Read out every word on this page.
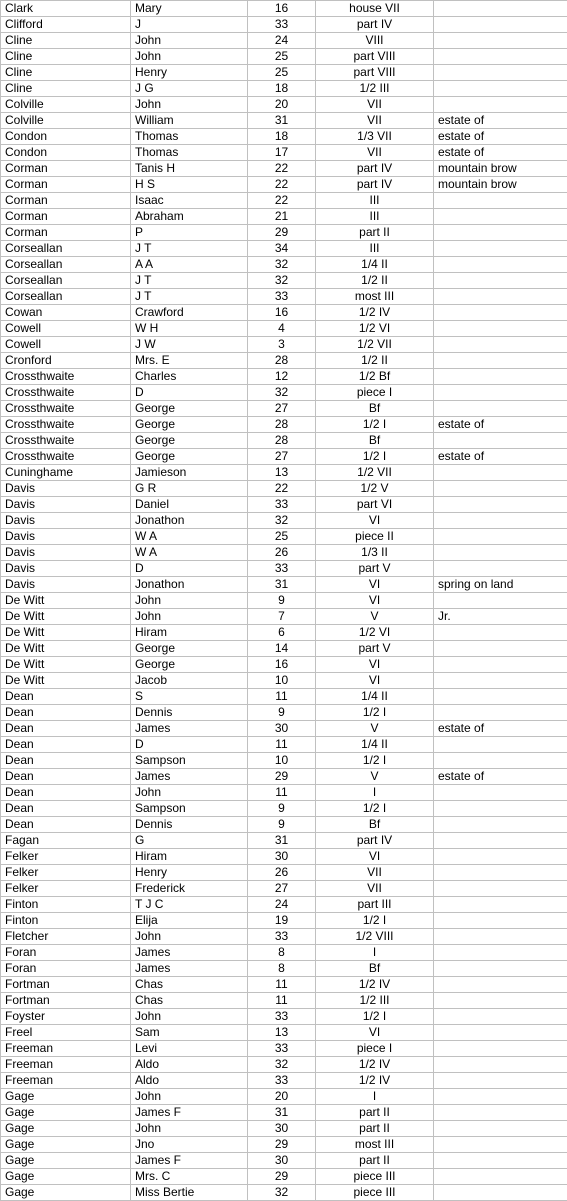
Clark	Mary	16	house VII	
Clifford	J	33	part IV	
Cline	John	24	VIII	
Cline	John	25	part VIII	
Cline	Henry	25	part VIII	
Cline	J G	18	1/2 III	
Colville	John	20	VII	
Colville	William	31	VII	estate of
Condon	Thomas	18	1/3 VII	estate of
Condon	Thomas	17	VII	estate of
Corman	Tanis H	22	part IV	mountain brow
Corman	H S	22	part IV	mountain brow
Corman	Isaac	22	III	
Corman	Abraham	21	III	
Corman	P	29	part II	
Corseallan	J T	34	III	
Corseallan	A A	32	1/4 II	
Corseallan	J T	32	1/2 II	
Corseallan	J T	33	most III	
Cowan	Crawford	16	1/2 IV	
Cowell	W H	4	1/2 VI	
Cowell	J W	3	1/2 VII	
Cronford	Mrs. E	28	1/2 II	
Crossthwaite	Charles	12	1/2 Bf	
Crossthwaite	D	32	piece I	
Crossthwaite	George	27	Bf	
Crossthwaite	George	28	1/2 I	estate of
Crossthwaite	George	28	Bf	
Crossthwaite	George	27	1/2 I	estate of
Cuninghame	Jamieson	13	1/2 VII	
Davis	G R	22	1/2 V	
Davis	Daniel	33	part VI	
Davis	Jonathon	32	VI	
Davis	W A	25	piece II	
Davis	W A	26	1/3 II	
Davis	D	33	part V	
Davis	Jonathon	31	VI	spring on land
De Witt	John	9	VI	
De Witt	John	7	V	Jr.
De Witt	Hiram	6	1/2 VI	
De Witt	George	14	part V	
De Witt	George	16	VI	
De Witt	Jacob	10	VI	
Dean	S	11	1/4 II	
Dean	Dennis	9	1/2 I	
Dean	James	30	V	estate of
Dean	D	11	1/4 II	
Dean	Sampson	10	1/2 I	
Dean	James	29	V	estate of
Dean	John	11	I	
Dean	Sampson	9	1/2 I	
Dean	Dennis	9	Bf	
Fagan	G	31	part IV	
Felker	Hiram	30	VI	
Felker	Henry	26	VII	
Felker	Frederick	27	VII	
Finton	T J C	24	part III	
Finton	Elija	19	1/2 I	
Fletcher	John	33	1/2 VIII	
Foran	James	8	I	
Foran	James	8	Bf	
Fortman	Chas	11	1/2 IV	
Fortman	Chas	11	1/2 III	
Foyster	John	33	1/2 I	
Freel	Sam	13	VI	
Freeman	Levi	33	piece I	
Freeman	Aldo	32	1/2 IV	
Freeman	Aldo	33	1/2 IV	
Gage	John	20	I	
Gage	James F	31	part II	
Gage	John	30	part II	
Gage	Jno	29	most III	
Gage	James F	30	part II	
Gage	Mrs. C	29	piece III	
Gage	Miss Bertie	32	piece III	
